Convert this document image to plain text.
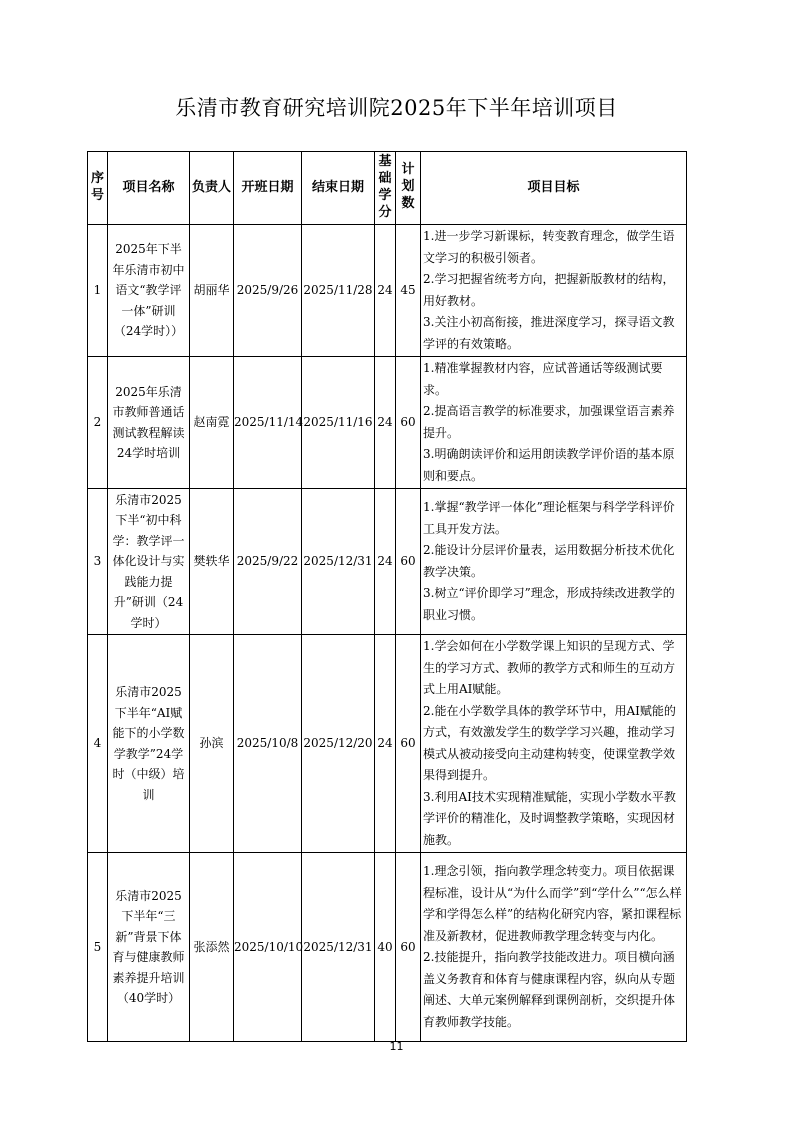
乐清市教育研究培训院2025年下半年培训项目
序号	项目名称	负责人	开班日期	结束日期	基础学分	计划数	项目目标
1	2025年下半年乐清市初中语文“教学评一体”研训（24学时））	胡丽华	2025/9/26	2025/11/28	24	45	1.进一步学习新课标，转变教育理念，做学生语文学习的积极引领者。
2.学习把握省统考方向，把握新版教材的结构，用好教材。
3.关注小初高衔接，推进深度学习，探寻语文教学评的有效策略。

2	2025年乐清市教师普通话测试教程解读24学时培训	赵南霓	2025/11/14	2025/11/16	24	60	1.精准掌握教材内容，应试普通话等级测试要求。
2.提高语言教学的标准要求，加强课堂语言素养提升。
3.明确朗读评价和运用朗读教学评价语的基本原则和要点。

3	乐清市2025下半“初中科学：教学评一体化设计与实践能力提升”研训（24学时）	樊轶华	2025/9/22	2025/12/31	24	60	1.掌握“教学评一体化”理论框架与科学学科评价工具开发方法。
2.能设计分层评价量表，运用数据分析技术优化教学决策。
3.树立“评价即学习”理念，形成持续改进教学的职业习惯。

4	乐清市2025下半年“AI赋能下的小学数学教学”24学时（中级）培训	孙滨	2025/10/8	2025/12/20	24	60	1.学会如何在小学数学课上知识的呈现方式、学生的学习方式、教师的教学方式和师生的互动方式上用AI赋能。
2.能在小学数学具体的教学环节中，用AI赋能的方式，有效激发学生的数学学习兴趣，推动学习模式从被动接受向主动建构转变，使课堂教学效果得到提升。
3.利用AI技术实现精准赋能，实现小学数水平教学评价的精准化，及时调整教学策略，实现因材施教。

5	乐清市2025下半年“三新”背景下体育与健康教师素养提升培训（40学时）	张添然	2025/10/10	2025/12/31	40	60	1.理念引领，指向教学理念转变力。项目依据课程标准，设计从“为什么而学”到“学什么”“怎么样学和学得怎么样”的结构化研究内容，紧扣课程标准及新教材，促进教师教学理念转变与内化。
2.技能提升，指向教学技能改进力。项目横向涵盖义务教育和体育与健康课程内容，纵向从专题阐述、大单元案例解释到课例剖析，交织提升体育教师教学技能。
11
